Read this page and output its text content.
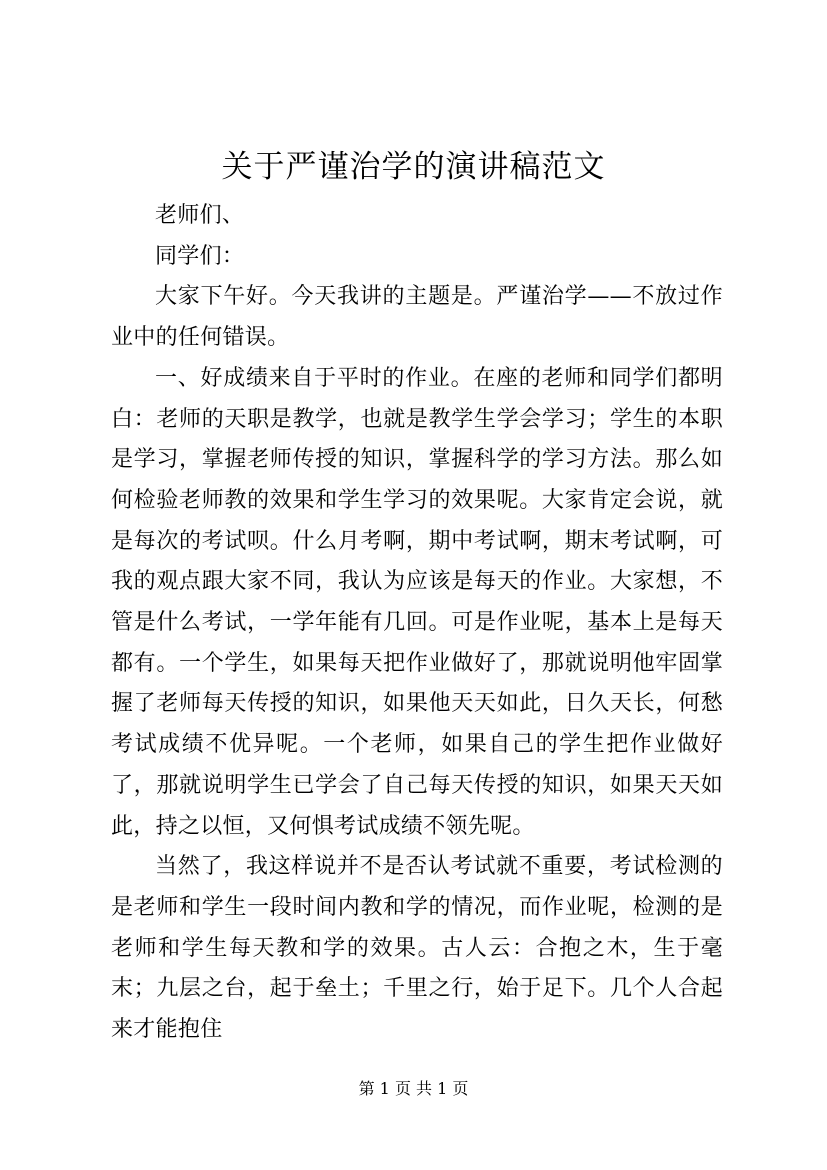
关于严谨治学的演讲稿范文

老师们、

同学们：

大家下午好。今天我讲的主题是。严谨治学——不放过作业中的任何错误。

一、好成绩来自于平时的作业。在座的老师和同学们都明白：老师的天职是教学，也就是教学生学会学习；学生的本职是学习，掌握老师传授的知识，掌握科学的学习方法。那么如何检验老师教的效果和学生学习的效果呢。大家肯定会说，就是每次的考试呗。什么月考啊，期中考试啊，期末考试啊，可我的观点跟大家不同，我认为应该是每天的作业。大家想，不管是什么考试，一学年能有几回。可是作业呢，基本上是每天都有。一个学生，如果每天把作业做好了，那就说明他牢固掌握了老师每天传授的知识，如果他天天如此，日久天长，何愁考试成绩不优异呢。一个老师，如果自己的学生把作业做好了，那就说明学生已学会了自己每天传授的知识，如果天天如此，持之以恒，又何惧考试成绩不领先呢。

当然了，我这样说并不是否认考试就不重要，考试检测的是老师和学生一段时间内教和学的情况，而作业呢，检测的是老师和学生每天教和学的效果。古人云：合抱之木，生于毫末；九层之台，起于垒土；千里之行，始于足下。几个人合起来才能抱住

第 1 页 共 1 页
